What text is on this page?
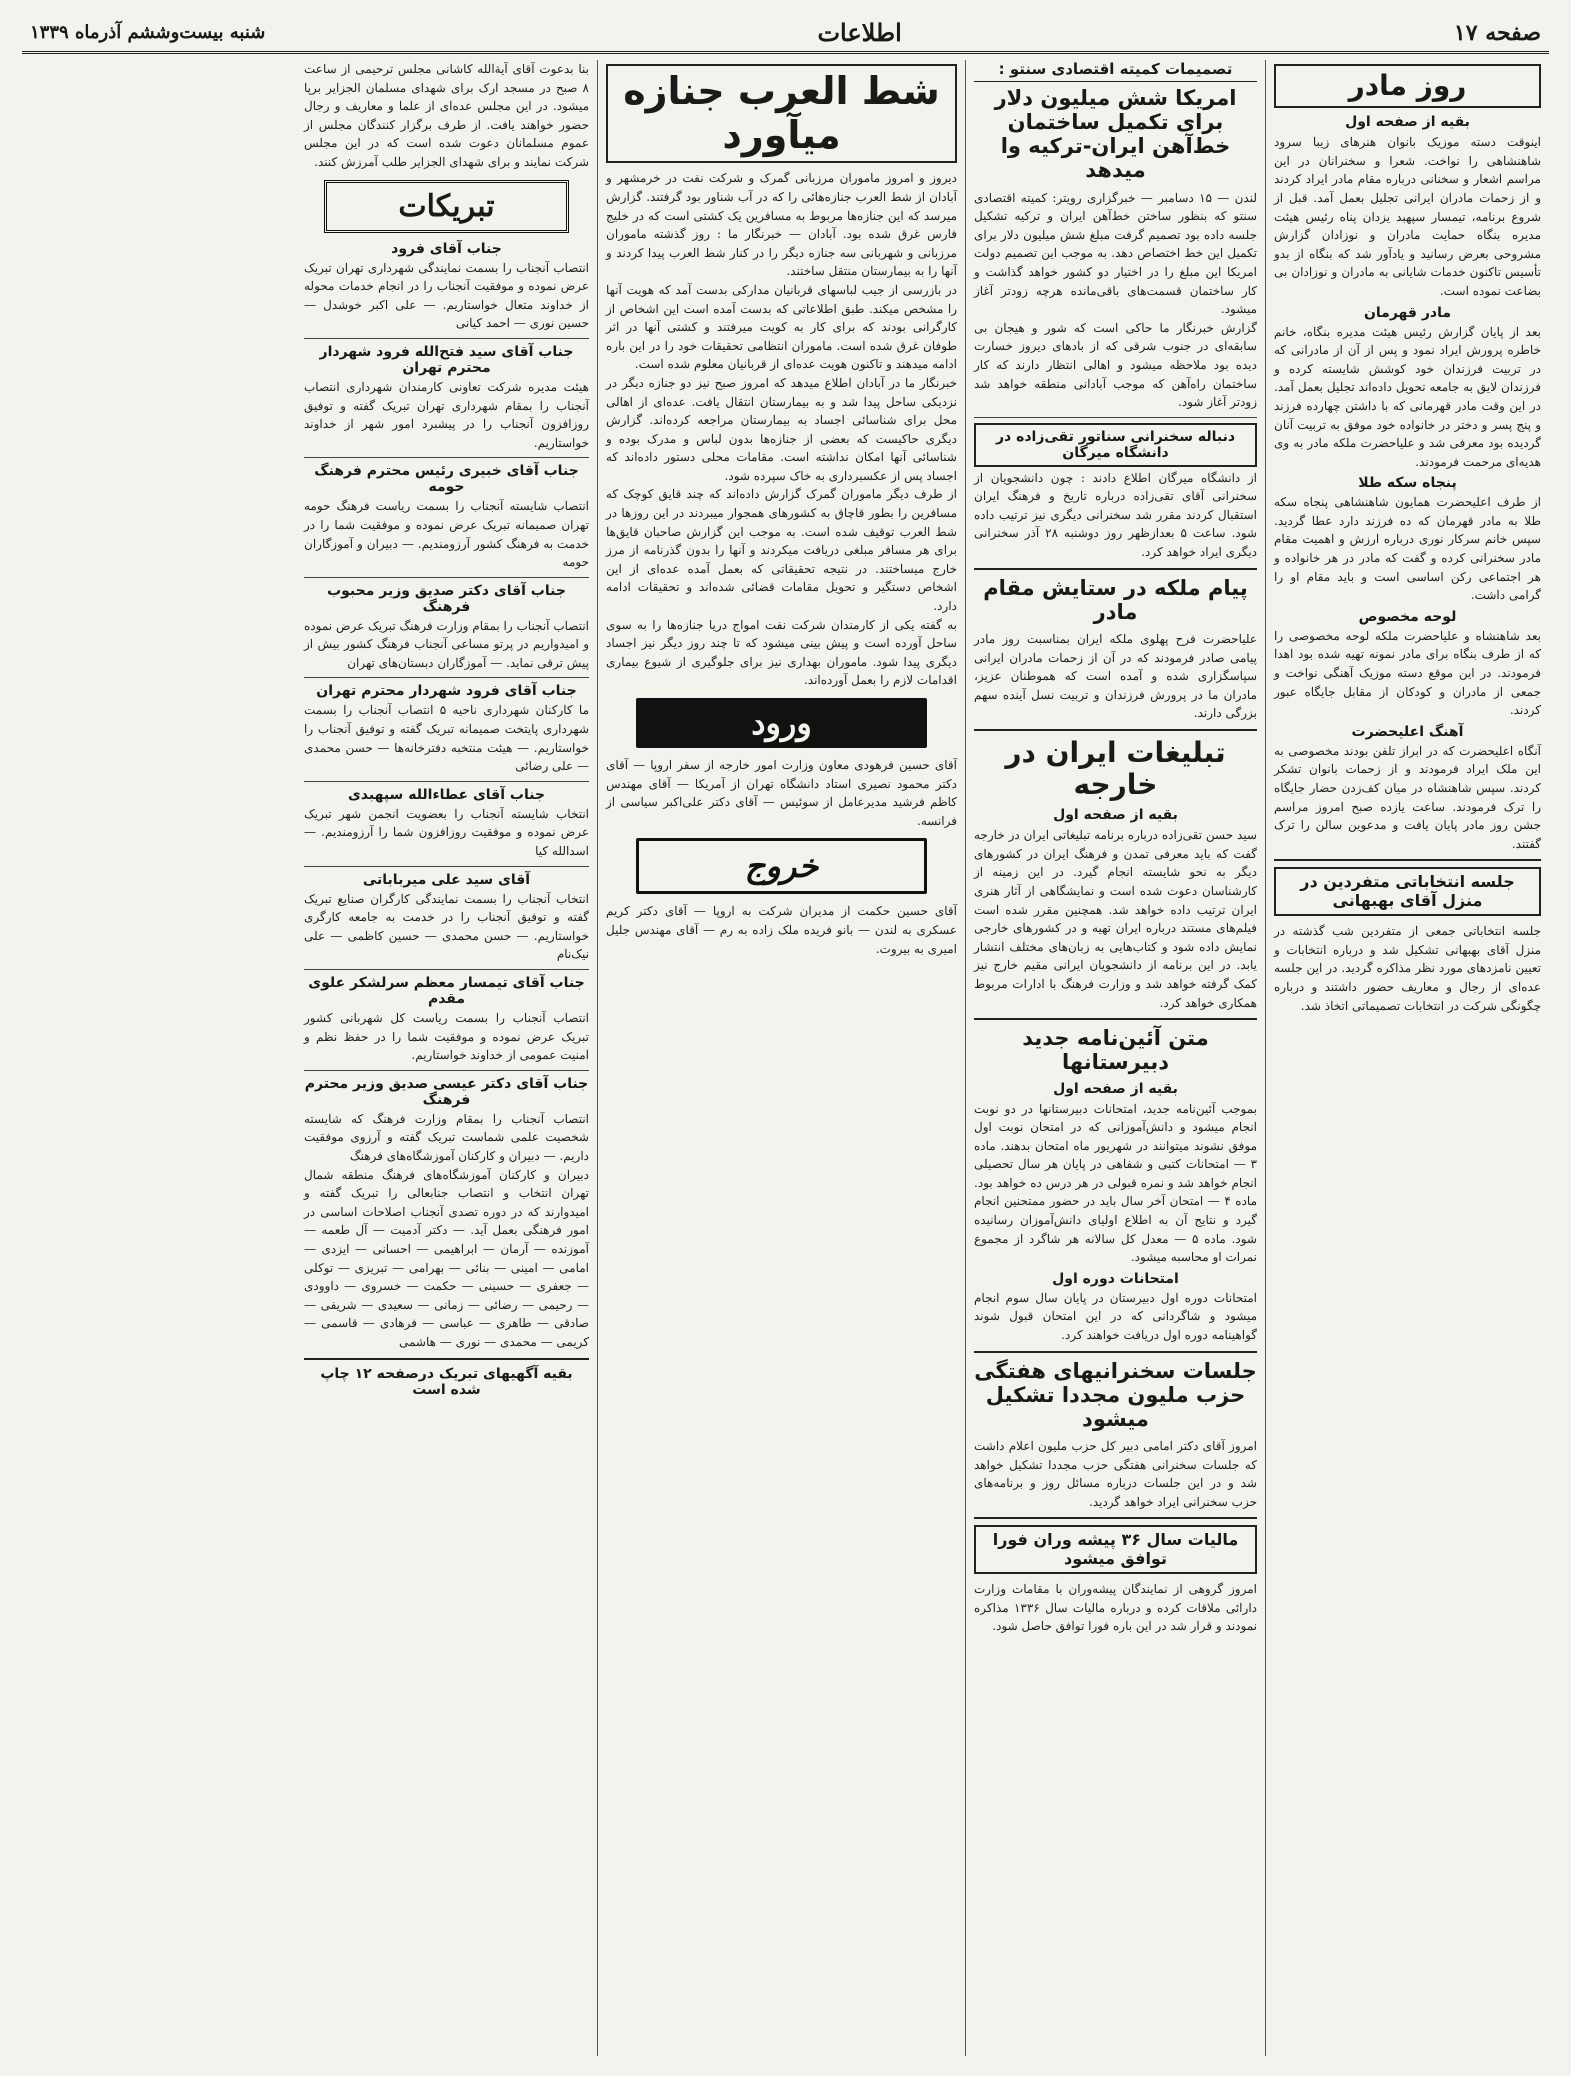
صفحه ۱۷
اطلاعات
شنبه بیست‌وششم آذرماه ۱۳۳۹
روز مادر
بقیه از صفحه اول
اینوقت دسته موزیک بانوان هنرهای زیبا سرود شاهنشاهی را نواخت. شعرا و سخنرانان در این مراسم اشعار و سخنانی درباره مقام مادر ایراد کردند و از زحمات مادران ایرانی تجلیل بعمل آمد. قبل از شروع برنامه، تیمسار سپهبد یزدان پناه رئیس هیئت مدیره بنگاه حمایت مادران و نوزادان گزارش مشروحی بعرض رسانید و یادآور شد که بنگاه از بدو تأسیس تاکنون خدمات شایانی به مادران و نوزادان بی بضاعت نموده است.
مادر قهرمان
بعد از پایان گزارش رئیس هیئت مدیره بنگاه، خانم خاطره پرورش ایراد نمود و پس از آن از مادرانی که در تربیت فرزندان خود کوشش شایسته کرده و فرزندان لایق به جامعه تحویل داده‌اند تجلیل بعمل آمد. در این وقت مادر قهرمانی که با داشتن چهارده فرزند و پنج پسر و دختر در خانواده خود موفق به تربیت آنان گردیده بود معرفی شد و علیاحضرت ملکه مادر به وی هدیه‌ای مرحمت فرمودند.
پنجاه سکه طلا
از طرف اعلیحضرت همایون شاهنشاهی پنجاه سکه طلا به مادر قهرمان که ده فرزند دارد عطا گردید. سپس خانم سرکار نوری درباره ارزش و اهمیت مقام مادر سخنرانی کرده و گفت که مادر در هر خانواده و هر اجتماعی رکن اساسی است و باید مقام او را گرامی داشت.
لوحه مخصوص
بعد شاهنشاه و علیاحضرت ملکه لوحه مخصوصی را که از طرف بنگاه برای مادر نمونه تهیه شده بود اهدا فرمودند. در این موقع دسته موزیک آهنگی نواخت و جمعی از مادران و کودکان از مقابل جایگاه عبور کردند.
آهنگ اعلیحضرت
آنگاه اعلیحضرت که در ابراز تلفن بودند مخصوصی به این ملک ایراد فرمودند و از زحمات بانوان تشکر کردند. سپس شاهنشاه در میان کف‌زدن حضار جایگاه را ترک فرمودند. ساعت یازده صبح امروز مراسم جشن روز مادر پایان یافت و مدعوین سالن را ترک گفتند.
جلسه انتخاباتی متفردین در منزل آقای بهبهانی
جلسه انتخاباتی جمعی از متفردین شب گذشته در منزل آقای بهبهانی تشکیل شد و درباره انتخابات و تعیین نامزدهای مورد نظر مذاکره گردید. در این جلسه عده‌ای از رجال و معاریف حضور داشتند و درباره چگونگی شرکت در انتخابات تصمیماتی اتخاذ شد.
تصمیمات کمیته اقتصادی سنتو :
امریکا شش میلیون دلار برای تکمیل ساختمان خط‌آهن ایران-ترکیه وا میدهد
لندن — ۱۵ دسامبر — خبرگزاری رویتر: کمیته اقتصادی سنتو که بنظور ساختن خط‌آهن ایران و ترکیه تشکیل جلسه داده بود تصمیم گرفت مبلغ شش میلیون دلار برای تکمیل این خط اختصاص دهد. به موجب این تصمیم دولت امریکا این مبلغ را در اختیار دو کشور خواهد گذاشت و کار ساختمان قسمت‌های باقی‌مانده هرچه زودتر آغاز میشود.
گزارش خبرنگار ما حاکی است که شور و هیجان بی سابقه‌ای در جنوب شرقی که از بادهای دیروز خسارت دیده بود ملاحظه میشود و اهالی انتظار دارند که کار ساختمان راه‌آهن که موجب آبادانی منطقه خواهد شد زودتر آغاز شود.
دنباله سخنرانی سناتور تقی‌زاده در دانشگاه میرگان
از دانشگاه میرگان اطلاع دادند : چون دانشجویان از سخنرانی آقای تقی‌زاده درباره تاریخ و فرهنگ ایران استقبال کردند مقرر شد سخنرانی دیگری نیز ترتیب داده شود. ساعت ۵ بعدازظهر روز دوشنبه ۲۸ آذر سخنرانی دیگری ایراد خواهد کرد.
پیام ملکه در ستایش مقام مادر
علیاحضرت فرح پهلوی ملکه ایران بمناسبت روز مادر پیامی صادر فرمودند که در آن از زحمات مادران ایرانی سپاسگزاری شده و آمده است که هموطنان عزیز، مادران ما در پرورش فرزندان و تربیت نسل آینده سهم بزرگی دارند.
تبلیغات ایران در خارجه
بقیه از صفحه اول
سید حسن تقی‌زاده درباره برنامه تبلیغاتی ایران در خارجه گفت که باید معرفی تمدن و فرهنگ ایران در کشورهای دیگر به نحو شایسته انجام گیرد. در این زمینه از کارشناسان دعوت شده است و نمایشگاهی از آثار هنری ایران ترتیب داده خواهد شد. همچنین مقرر شده است فیلم‌های مستند درباره ایران تهیه و در کشورهای خارجی نمایش داده شود و کتاب‌هایی به زبان‌های مختلف انتشار یابد. در این برنامه از دانشجویان ایرانی مقیم خارج نیز کمک گرفته خواهد شد و وزارت فرهنگ با ادارات مربوط همکاری خواهد کرد.
متن آئین‌نامه جدید دبیرستانها
بقیه از صفحه اول
بموجب آئین‌نامه جدید، امتحانات دبیرستانها در دو نوبت انجام میشود و دانش‌آموزانی که در امتحان نوبت اول موفق نشوند میتوانند در شهریور ماه امتحان بدهند. ماده ۳ — امتحانات کتبی و شفاهی در پایان هر سال تحصیلی انجام خواهد شد و نمره قبولی در هر درس ده خواهد بود. ماده ۴ — امتحان آخر سال باید در حضور ممتحنین انجام گیرد و نتایج آن به اطلاع اولیای دانش‌آموزان رسانیده شود. ماده ۵ — معدل کل سالانه هر شاگرد از مجموع نمرات او محاسبه میشود.
امتحانات دوره اول
امتحانات دوره اول دبیرستان در پایان سال سوم انجام میشود و شاگردانی که در این امتحان قبول شوند گواهینامه دوره اول دریافت خواهند کرد.
جلسات سخنرانیهای هفتگی حزب ملیون مجددا تشکیل میشود
امروز آقای دکتر امامی دبیر کل حزب ملیون اعلام داشت که جلسات سخنرانی هفتگی حزب مجددا تشکیل خواهد شد و در این جلسات درباره مسائل روز و برنامه‌های حزب سخنرانی ایراد خواهد گردید.
مالیات سال ۳۶ پیشه وران فورا توافق میشود
امروز گروهی از نمایندگان پیشه‌وران با مقامات وزارت دارائی ملاقات کرده و درباره مالیات سال ۱۳۳۶ مذاکره نمودند و قرار شد در این باره فورا توافق حاصل شود.
شط العرب جنازه میآورد
دیروز و امروز ماموران مرزبانی گمرک و شرکت نفت در خرمشهر و آبادان از شط العرب جنازه‌هائی را که در آب شناور بود گرفتند. گزارش میرسد که این جنازه‌ها مربوط به مسافرین یک کشتی است که در خلیج فارس غرق شده بود. آبادان — خبرنگار ما : روز گذشته ماموران مرزبانی و شهربانی سه جنازه دیگر را در کنار شط العرب پیدا کردند و آنها را به بیمارستان منتقل ساختند.
در بازرسی از جیب لباسهای قربانیان مدارکی بدست آمد که هویت آنها را مشخص میکند. طبق اطلاعاتی که بدست آمده است این اشخاص از کارگرانی بودند که برای کار به کویت میرفتند و کشتی آنها در اثر طوفان غرق شده است. ماموران انتظامی تحقیقات خود را در این باره ادامه میدهند و تاکنون هویت عده‌ای از قربانیان معلوم شده است.
خبرنگار ما در آبادان اطلاع میدهد که امروز صبح نیز دو جنازه دیگر در نزدیکی ساحل پیدا شد و به بیمارستان انتقال یافت. عده‌ای از اهالی محل برای شناسائی اجساد به بیمارستان مراجعه کرده‌اند. گزارش دیگری حاکیست که بعضی از جنازه‌ها بدون لباس و مدرک بوده و شناسائی آنها امکان نداشته است. مقامات محلی دستور داده‌اند که اجساد پس از عکسبرداری به خاک سپرده شود.
از طرف دیگر ماموران گمرک گزارش داده‌اند که چند قایق کوچک که مسافرین را بطور قاچاق به کشورهای همجوار میبردند در این روزها در شط العرب توقیف شده است. به موجب این گزارش صاحبان قایق‌ها برای هر مسافر مبلغی دریافت میکردند و آنها را بدون گذرنامه از مرز خارج میساختند. در نتیجه تحقیقاتی که بعمل آمده عده‌ای از این اشخاص دستگیر و تحویل مقامات قضائی شده‌اند و تحقیقات ادامه دارد.
به گفته یکی از کارمندان شرکت نفت امواج دریا جنازه‌ها را به سوی ساحل آورده است و پیش بینی میشود که تا چند روز دیگر نیز اجساد دیگری پیدا شود. ماموران بهداری نیز برای جلوگیری از شیوع بیماری اقدامات لازم را بعمل آورده‌اند.
ورود
آقای حسین فرهودی معاون وزارت امور خارجه از سفر اروپا — آقای دکتر محمود نصیری استاد دانشگاه تهران از آمریکا — آقای مهندس کاظم فرشید مدیرعامل از سوئیس — آقای دکتر علی‌اکبر سیاسی از فرانسه.
خروج
آقای حسین حکمت از مدیران شرکت به اروپا — آقای دکتر کریم عسکری به لندن — بانو فریده ملک زاده به رم — آقای مهندس جلیل امیری به بیروت.
بنا بدعوت آقای آیة‌الله کاشانی مجلس ترحیمی از ساعت ۸ صبح در مسجد ارک برای شهدای مسلمان الجزایر برپا میشود. در این مجلس عده‌ای از علما و معاریف و رجال حضور خواهند یافت. از طرف برگزار کنندگان مجلس از عموم مسلمانان دعوت شده است که در این مجلس شرکت نمایند و برای شهدای الجزایر طلب آمرزش کنند.
تبریکات
جناب آقای فرود
انتصاب آنجناب را بسمت نمایندگی شهرداری تهران تبریک عرض نموده و موفقیت آنجناب را در انجام خدمات محوله از خداوند متعال خواستاریم. — علی اکبر خوشدل — حسین نوری — احمد کیانی
جناب آقای سید فتح‌الله فرود شهردار محترم تهران
هیئت مدیره شرکت تعاونی کارمندان شهرداری انتصاب آنجناب را بمقام شهرداری تهران تبریک گفته و توفیق روزافزون آنجناب را در پیشبرد امور شهر از خداوند خواستاریم.
جناب آقای خبیری رئیس محترم فرهنگ حومه
انتصاب شایسته آنجناب را بسمت ریاست فرهنگ حومه تهران صمیمانه تبریک عرض نموده و موفقیت شما را در خدمت به فرهنگ کشور آرزومندیم. — دبیران و آموزگاران حومه
جناب آقای دکتر صدیق وزیر محبوب فرهنگ
انتصاب آنجناب را بمقام وزارت فرهنگ تبریک عرض نموده و امیدواریم در پرتو مساعی آنجناب فرهنگ کشور بیش از پیش ترقی نماید. — آموزگاران دبستان‌های تهران
جناب آقای فرود شهردار محترم تهران
ما کارکنان شهرداری ناحیه ۵ انتصاب آنجناب را بسمت شهرداری پایتخت صمیمانه تبریک گفته و توفیق آنجناب را خواستاریم. — هیئت منتخبه دفترخانه‌ها — حسن محمدی — علی رضائی
جناب آقای عطاء‌الله سپهبدی
انتخاب شایسته آنجناب را بعضویت انجمن شهر تبریک عرض نموده و موفقیت روزافزون شما را آرزومندیم. — اسدالله کیا
آقای سید علی میرباباتی
انتخاب آنجناب را بسمت نمایندگی کارگران صنایع تبریک گفته و توفیق آنجناب را در خدمت به جامعه کارگری خواستاریم. — حسن محمدی — حسین کاظمی — علی نیک‌نام
جناب آقای تیمسار معظم سرلشکر علوی مقدم
انتصاب آنجناب را بسمت ریاست کل شهربانی کشور تبریک عرض نموده و موفقیت شما را در حفظ نظم و امنیت عمومی از خداوند خواستاریم.
جناب آقای دکتر عیسی صدیق وزیر محترم فرهنگ
انتصاب آنجناب را بمقام وزارت فرهنگ که شایسته شخصیت علمی شماست تبریک گفته و آرزوی موفقیت داریم. — دبیران و کارکنان آموزشگاه‌های فرهنگ
دبیران و کارکنان آموزشگاه‌های فرهنگ منطقه شمال تهران انتخاب و انتصاب جنابعالی را تبریک گفته و امیدوارند که در دوره تصدی آنجناب اصلاحات اساسی در امور فرهنگی بعمل آید. — دکتر آدمیت — آل طعمه — آموزنده — آرمان — ابراهیمی — احسانی — ایزدی — امامی — امینی — بنائی — بهرامی — تبریزی — توکلی — جعفری — حسینی — حکمت — خسروی — داوودی — رحیمی — رضائی — زمانی — سعیدی — شریفی — صادقی — طاهری — عباسی — فرهادی — قاسمی — کریمی — محمدی — نوری — هاشمی
بقیه آگهیهای تبریک درصفحه ۱۲ چاپ شده است
